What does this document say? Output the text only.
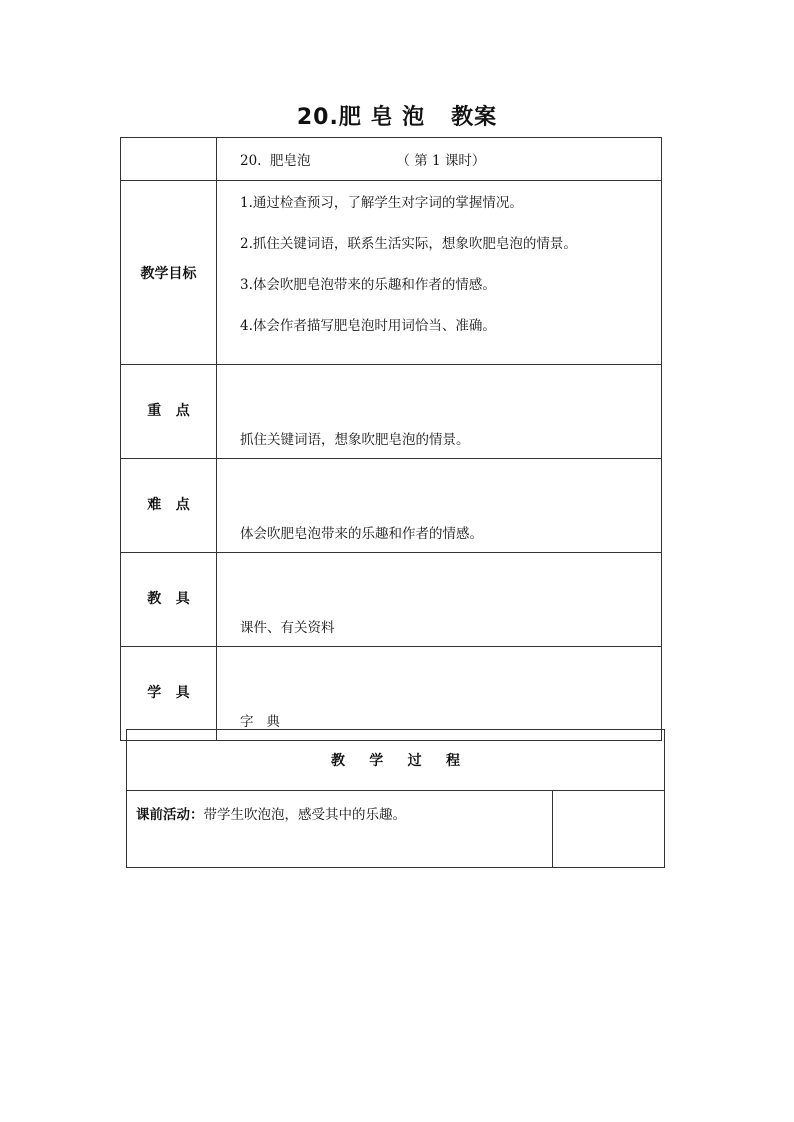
20.肥 皂 泡   教案
	20.  肥皂泡                    （ 第 1 课时）
教学目标	1.通过检查预习，了解学生对字词的掌握情况。
2.抓住关键词语，联系生活实际，想象吹肥皂泡的情景。
3.体会吹肥皂泡带来的乐趣和作者的情感。
4.体会作者描写肥皂泡时用词恰当、准确。

重   点	抓住关键词语，想象吹肥皂泡的情景。
难   点	体会吹肥皂泡带来的乐趣和作者的情感。
教   具	课件、有关资料
学   具	字   典
教     学     过     程
课前活动：带学生吹泡泡，感受其中的乐趣。	
